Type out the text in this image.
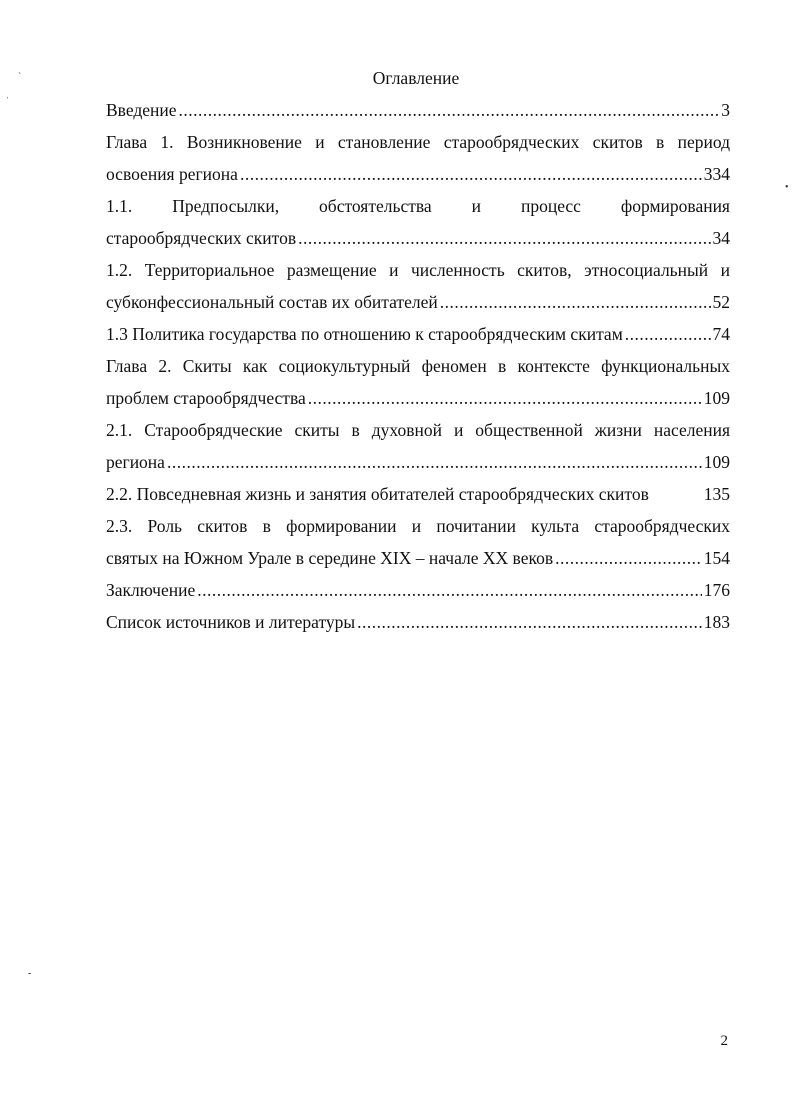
Оглавление
Введение .....	3
Глава 1. Возникновение и становление старообрядческих скитов в период
освоения региона .....	334
1.1. Предпосылки, обстоятельства и процесс формирования
старообрядческих скитов .....	34
1.2. Территориальное размещение и численность скитов, этносоциальный и
субконфессиональный состав их обитателей .....	52
1.3 Политика государства по отношению к старообрядческим скитам .....	74
Глава 2. Скиты как социокультурный феномен в контексте функциональных
проблем старообрядчества .....	109
2.1. Старообрядческие скиты в духовной и общественной жизни населения
региона .....	109
2.2. Повседневная жизнь и занятия обитателей старообрядческих скитов	135
2.3. Роль скитов в формировании и почитании культа старообрядческих
святых на Южном Урале в середине XIX – начале XX веков .....	154
Заключение .....	176
Список источников и литературы .....	183
ˋ
ˌ
•
-
2
